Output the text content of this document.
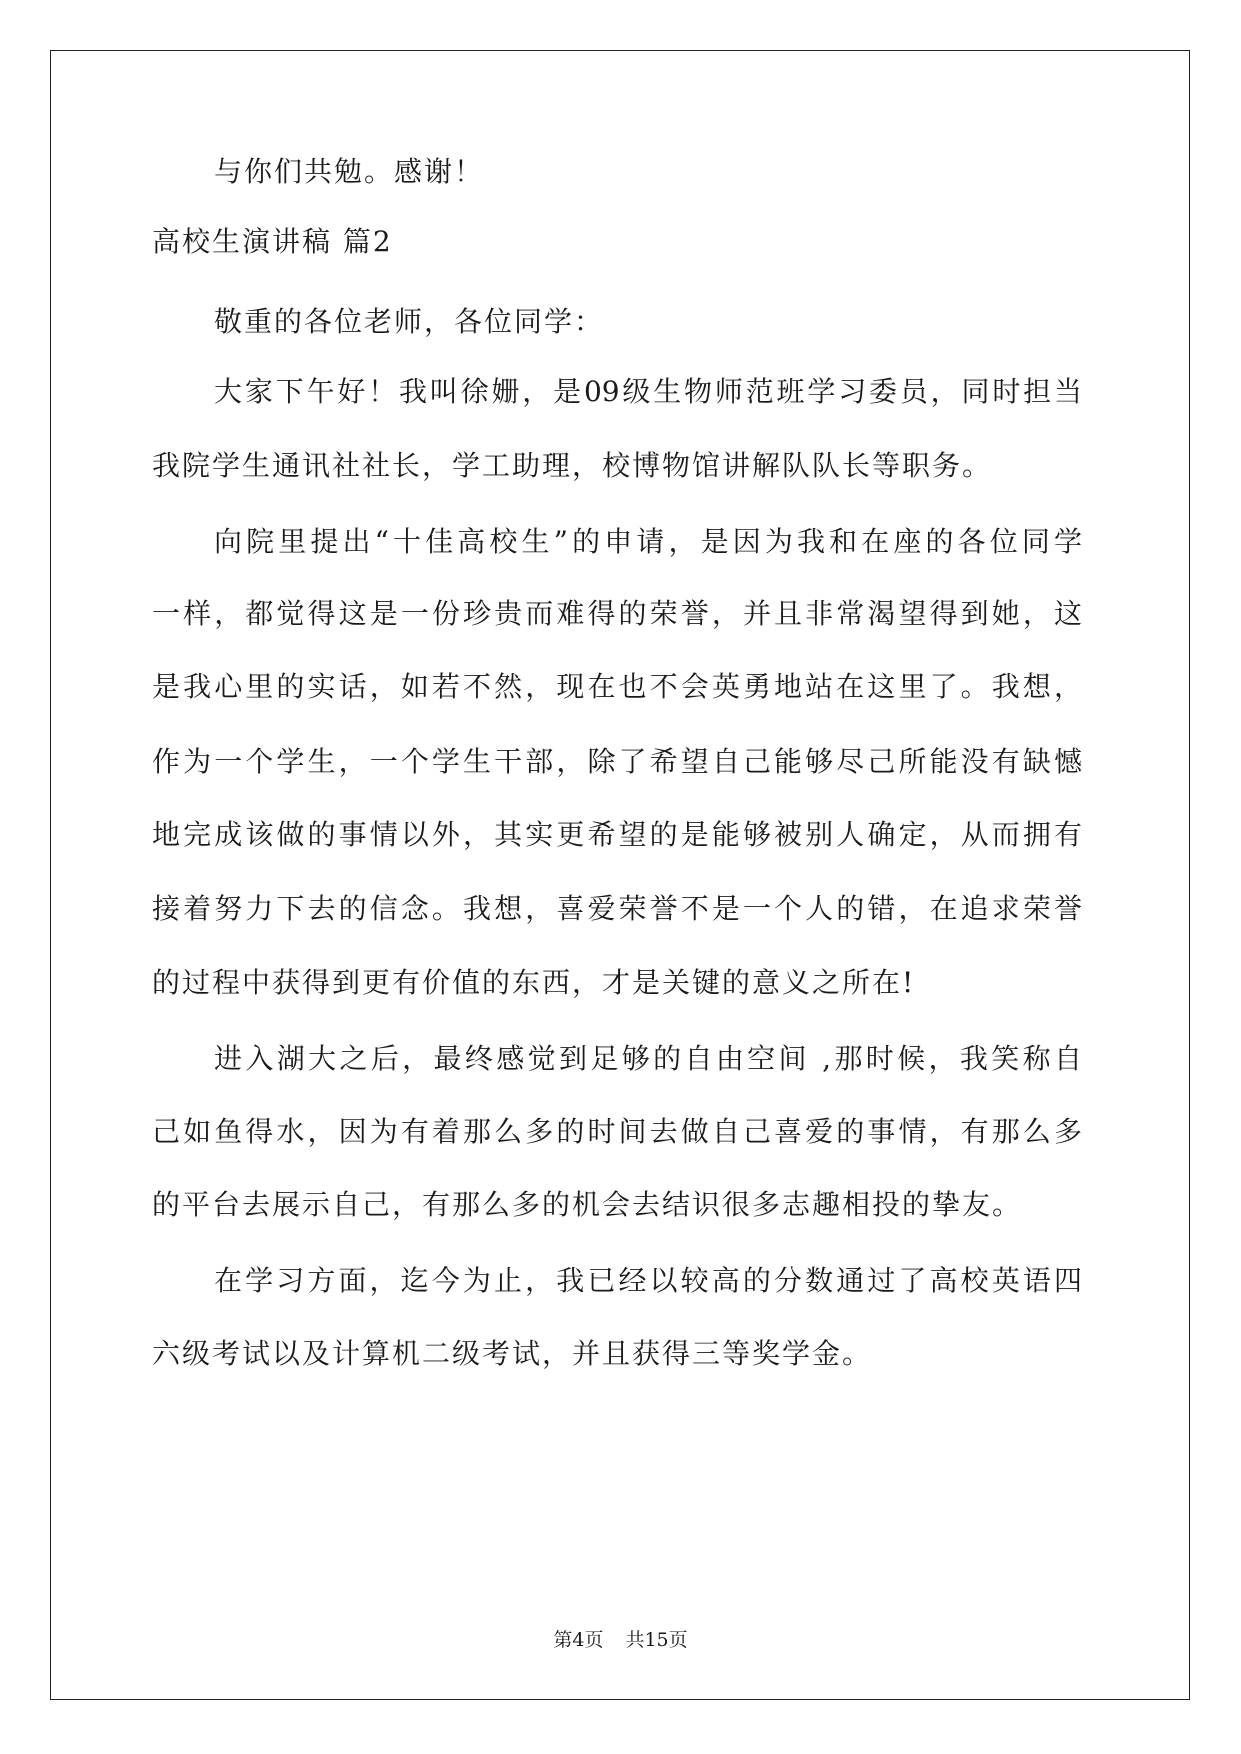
与你们共勉。感谢！
高校生演讲稿 篇2
敬重的各位老师，各位同学：
大家下午好！我叫徐姗，是09级生物师范班学习委员，同时担当
我院学生通讯社社长，学工助理，校博物馆讲解队队长等职务。
向院里提出“十佳高校生”的申请，是因为我和在座的各位同学
一样，都觉得这是一份珍贵而难得的荣誉，并且非常渴望得到她，这
是我心里的实话，如若不然，现在也不会英勇地站在这里了。我想，
作为一个学生，一个学生干部，除了希望自己能够尽己所能没有缺憾
地完成该做的事情以外，其实更希望的是能够被别人确定，从而拥有
接着努力下去的信念。我想，喜爱荣誉不是一个人的错，在追求荣誉
的过程中获得到更有价值的东西，才是关键的意义之所在!
进入湖大之后，最终感觉到足够的自由空间 ,那时候，我笑称自
己如鱼得水，因为有着那么多的时间去做自己喜爱的事情，有那么多
的平台去展示自己，有那么多的机会去结识很多志趣相投的挚友。
在学习方面，迄今为止，我已经以较高的分数通过了高校英语四
六级考试以及计算机二级考试，并且获得三等奖学金。
第4页 共15页
